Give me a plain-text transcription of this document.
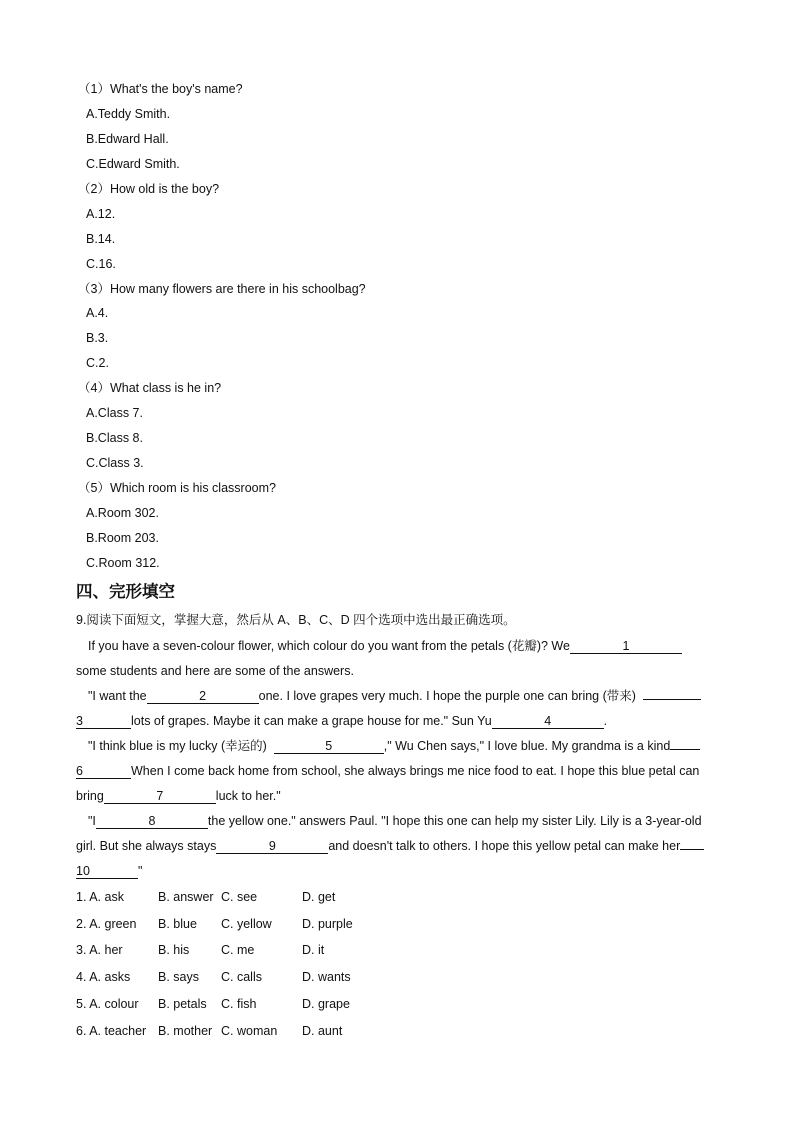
（1）What's the boy's name?
A.Teddy Smith.
B.Edward Hall.
C.Edward Smith.
（2）How old is the boy?
A.12.
B.14.
C.16.
（3）How many flowers are there in his schoolbag?
A.4.
B.3.
C.2.
（4）What class is he in?
A.Class 7.
B.Class 8.
C.Class 3.
（5）Which room is his classroom?
A.Room 302.
B.Room 203.
C.Room 312.
四、完形填空
9.阅读下面短文，掌握大意，然后从 A、B、C、D 四个选项中选出最正确选项。
If you have a seven-colour flower, which colour do you want from the petals (花瓣)? We	1
some students and here are some of the answers.
"I want the	2	one. I love grapes very much. I hope the purple one can bring (带来)
3	lots of grapes. Maybe it can make a grape house for me." Sun Yu	4	.
"I think blue is my lucky (幸运的)	5	," Wu Chen says," I love blue. My grandma is a kind
6	When I come back home from school, she always brings me nice food to eat. I hope this blue petal can
bring	7	luck to her."
"I	8	the yellow one." answers Paul. "I hope this one can help my sister Lily. Lily is a 3-year-old
girl. But she always stays	9	and doesn't talk to others. I hope this yellow petal can make her
10	"
1. A. ask	B. answer C. see	D. get
2. A. green B. blue C. yellow D. purple
3. A. her	B. his	C. me	D. it
4. A. asks B. says C. calls	D. wants
5. A. colour B. petals C. fish	D. grape
6. A. teacher B. mother C. woman D. aunt
